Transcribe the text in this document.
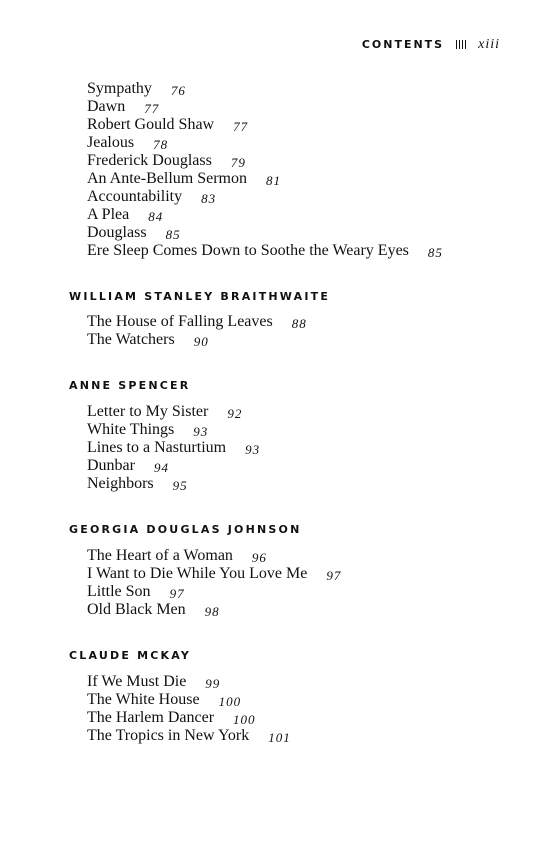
CONTENTS xiii
Sympathy 76
Dawn 77
Robert Gould Shaw 77
Jealous 78
Frederick Douglass 79
An Ante-Bellum Sermon 81
Accountability 83
A Plea 84
Douglass 85
Ere Sleep Comes Down to Soothe the Weary Eyes 85
WILLIAM STANLEY BRAITHWAITE
The House of Falling Leaves 88
The Watchers 90
ANNE SPENCER
Letter to My Sister 92
White Things 93
Lines to a Nasturtium 93
Dunbar 94
Neighbors 95
GEORGIA DOUGLAS JOHNSON
The Heart of a Woman 96
I Want to Die While You Love Me 97
Little Son 97
Old Black Men 98
CLAUDE MCKAY
If We Must Die 99
The White House 100
The Harlem Dancer 100
The Tropics in New York 101
